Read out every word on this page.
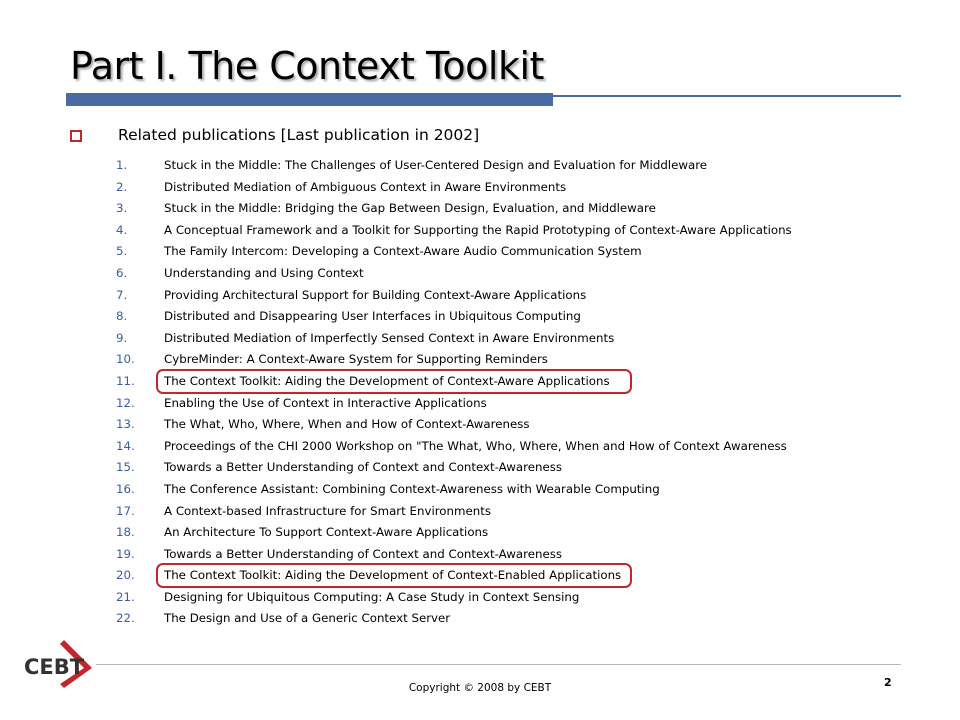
Part I. The Context Toolkit
Related publications [Last publication in 2002]
1.	Stuck in the Middle: The Challenges of User-Centered Design and Evaluation for Middleware
2.	Distributed Mediation of Ambiguous Context in Aware Environments
3.	Stuck in the Middle: Bridging the Gap Between Design, Evaluation, and Middleware
4.	A Conceptual Framework and a Toolkit for Supporting the Rapid Prototyping of Context-Aware Applications
5.	The Family Intercom: Developing a Context-Aware Audio Communication System
6.	Understanding and Using Context
7.	Providing Architectural Support for Building Context-Aware Applications
8.	Distributed and Disappearing User Interfaces in Ubiquitous Computing
9.	Distributed Mediation of Imperfectly Sensed Context in Aware Environments
10.	CybreMinder: A Context-Aware System for Supporting Reminders
11.	The Context Toolkit: Aiding the Development of Context-Aware Applications
12.	Enabling the Use of Context in Interactive Applications
13.	The What, Who, Where, When and How of Context-Awareness
14.	Proceedings of the CHI 2000 Workshop on "The What, Who, Where, When and How of Context Awareness
15.	Towards a Better Understanding of Context and Context-Awareness
16.	The Conference Assistant: Combining Context-Awareness with Wearable Computing
17.	A Context-based Infrastructure for Smart Environments
18.	An Architecture To Support Context-Aware Applications
19.	Towards a Better Understanding of Context and Context-Awareness
20.	The Context Toolkit: Aiding the Development of Context-Enabled Applications
21.	Designing for Ubiquitous Computing: A Case Study in Context Sensing
22.	The Design and Use of a Generic Context Server
CEBT
Copyright © 2008 by CEBT	2
